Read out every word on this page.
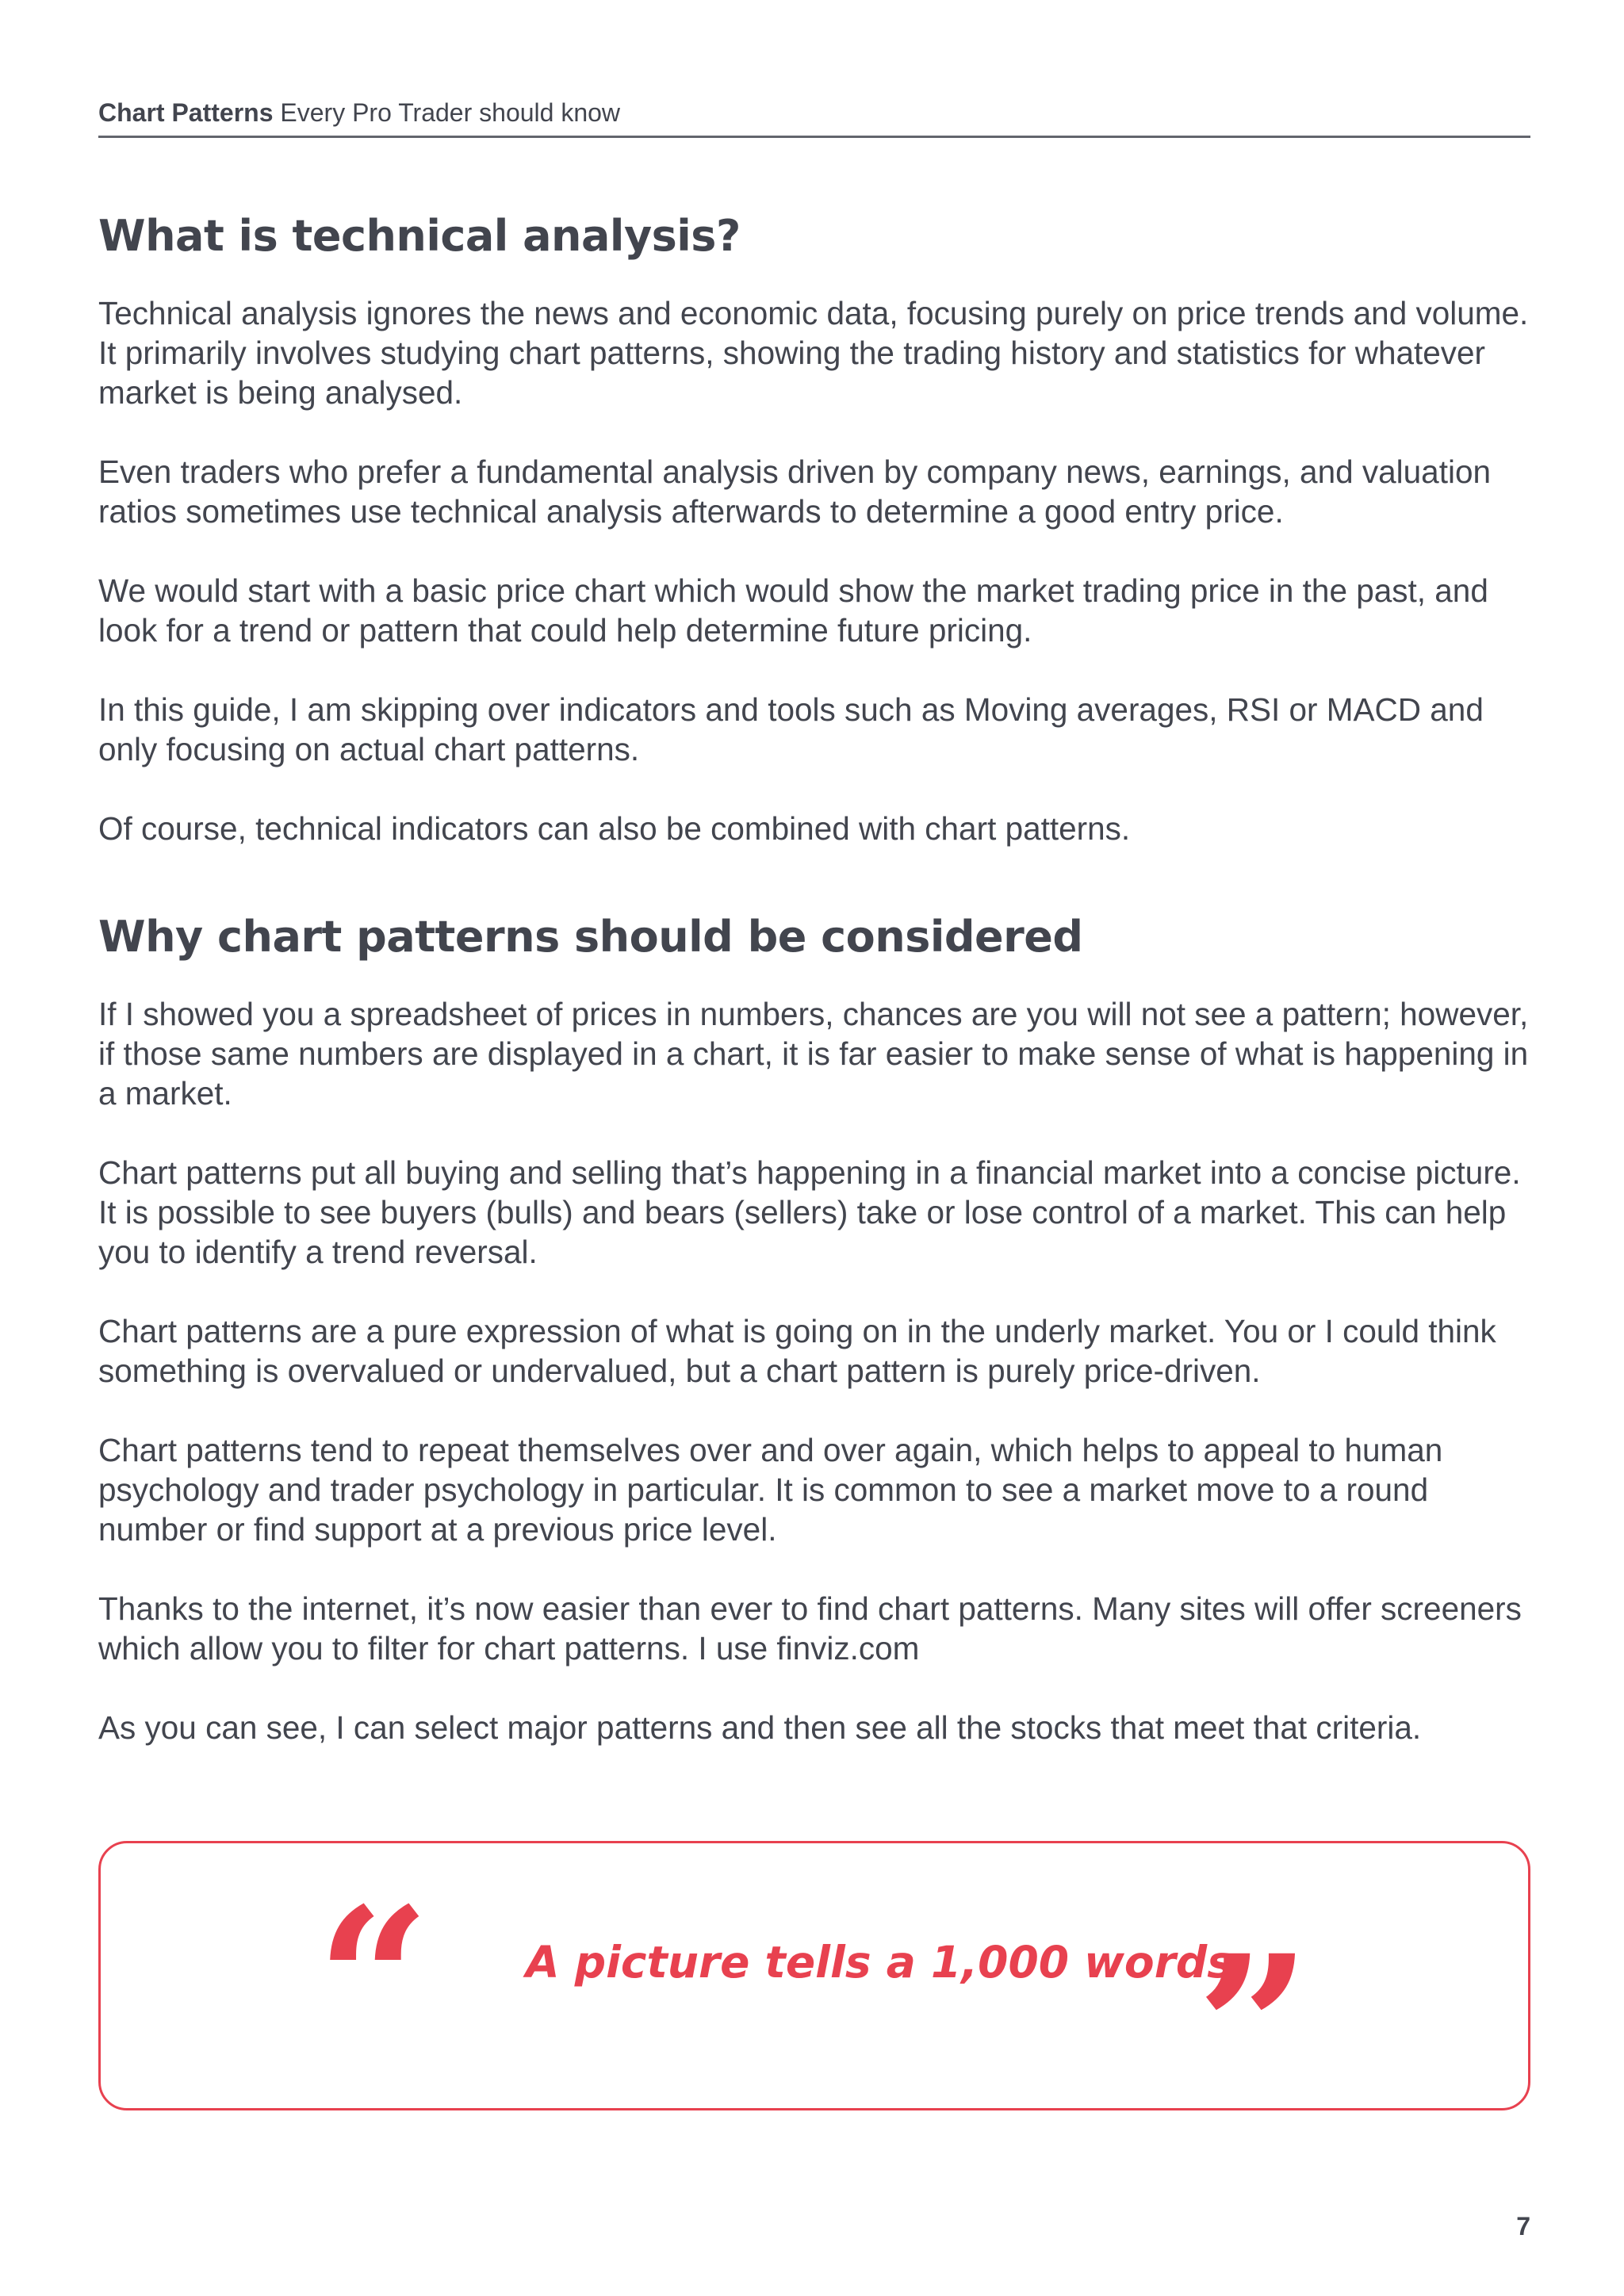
Chart Patterns Every Pro Trader should know
What is technical analysis?

Technical analysis ignores the news and economic data, focusing purely on price trends and volume. It primarily involves studying chart patterns, showing the trading history and statistics for whatever market is being analysed.

Even traders who prefer a fundamental analysis driven by company news, earnings, and valuation ratios sometimes use technical analysis afterwards to determine a good entry price.

We would start with a basic price chart which would show the market trading price in the past, and look for a trend or pattern that could help determine future pricing.

In this guide, I am skipping over indicators and tools such as Moving averages, RSI or MACD and only focusing on actual chart patterns.

Of course, technical indicators can also be combined with chart patterns.

Why chart patterns should be considered

If I showed you a spreadsheet of prices in numbers, chances are you will not see a pattern; however, if those same numbers are displayed in a chart, it is far easier to make sense of what is happening in a market.

Chart patterns put all buying and selling that’s happening in a financial market into a concise picture. It is possible to see buyers (bulls) and bears (sellers) take or lose control of a market. This can help you to identify a trend reversal.

Chart patterns are a pure expression of what is going on in the underly market. You or I could think something is overvalued or undervalued, but a chart pattern is purely price-driven.

Chart patterns tend to repeat themselves over and over again, which helps to appeal to human psychology and trader psychology in particular. It is common to see a market move to a round number or find support at a previous price level.

Thanks to the internet, it’s now easier than ever to find chart patterns. Many sites will offer screeners which allow you to filter for chart patterns. I use finviz.com

As you can see, I can select major patterns and then see all the stocks that meet that criteria.

“ A picture tells a 1,000 words
”
7
